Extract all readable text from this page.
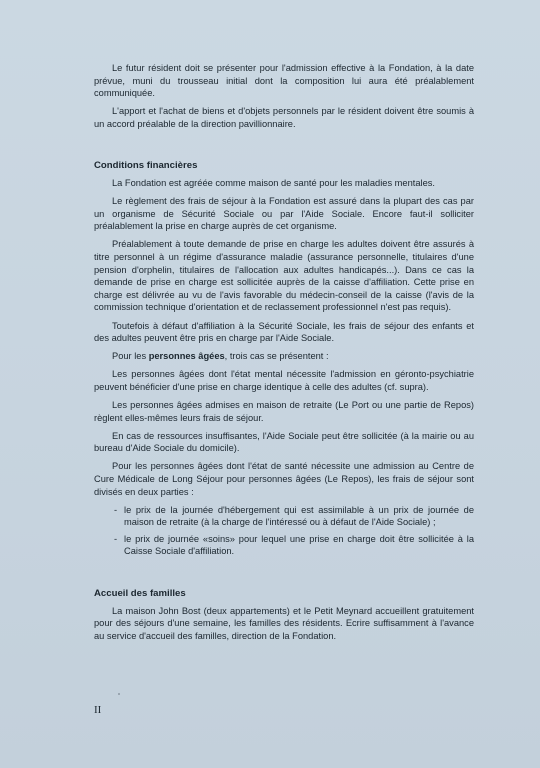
Le futur résident doit se présenter pour l'admission effective à la Fondation, à la date prévue, muni du trousseau initial dont la composition lui aura été préalablement communiquée.

L'apport et l'achat de biens et d'objets personnels par le résident doivent être soumis à un accord préalable de la direction pavillionnaire.

Conditions financières

La Fondation est agréée comme maison de santé pour les maladies mentales.

Le règlement des frais de séjour à la Fondation est assuré dans la plupart des cas par un organisme de Sécurité Sociale ou par l'Aide Sociale. Encore faut-il solliciter préalablement la prise en charge auprès de cet organisme.

Préalablement à toute demande de prise en charge les adultes doivent être assurés à titre personnel à un régime d'assurance maladie (assurance personnelle, titulaires d'une pension d'orphelin, titulaires de l'allocation aux adultes handicapés...). Dans ce cas la demande de prise en charge est sollicitée auprès de la caisse d'affiliation. Cette prise en charge est délivrée au vu de l'avis favorable du médecin-conseil de la caisse (l'avis de la commission technique d'orientation et de reclassement professionnel n'est pas requis).

Toutefois à défaut d'affiliation à la Sécurité Sociale, les frais de séjour des enfants et des adultes peuvent être pris en charge par l'Aide Sociale.

Pour les personnes âgées, trois cas se présentent :

Les personnes âgées dont l'état mental nécessite l'admission en géronto-psychiatrie peuvent bénéficier d'une prise en charge identique à celle des adultes (cf. supra).

Les personnes âgées admises en maison de retraite (Le Port ou une partie de Repos) règlent elles-mêmes leurs frais de séjour.

En cas de ressources insuffisantes, l'Aide Sociale peut être sollicitée (à la mairie ou au bureau d'Aide Sociale du domicile).

Pour les personnes âgées dont l'état de santé nécessite une admission au Centre de Cure Médicale de Long Séjour pour personnes âgées (Le Repos), les frais de séjour sont divisés en deux parties :

- le prix de la journée d'hébergement qui est assimilable à un prix de journée de maison de retraite (à la charge de l'intéressé ou à défaut de l'Aide Sociale) ;
- le prix de journée «soins» pour lequel une prise en charge doit être sollicitée à la Caisse Sociale d'affiliation.
Accueil des familles

La maison John Bost (deux appartements) et le Petit Meynard accueillent gratuitement pour des séjours d'une semaine, les familles des résidents. Ecrire suffisamment à l'avance au service d'accueil des familles, direction de la Fondation.

II
